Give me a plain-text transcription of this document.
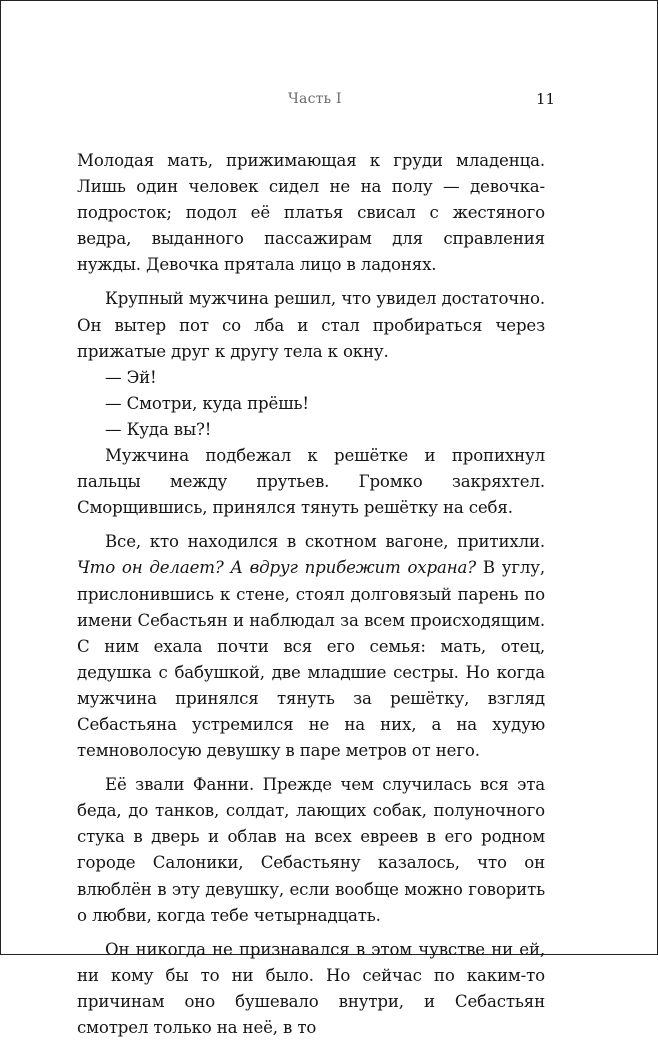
Часть I	11

Молодая мать, прижимающая к груди младенца. Лишь один человек сидел не на полу — девочка-подросток; подол её платья свисал с жестяного ведра, выданного пассажирам для справления нужды. Девочка прятала лицо в ладонях.

Крупный мужчина решил, что увидел достаточно. Он вытер пот со лба и стал пробираться через прижатые друг к другу тела к окну.

— Эй!

— Смотри, куда прёшь!

— Куда вы?!

Мужчина подбежал к решётке и пропихнул пальцы между прутьев. Громко закряхтел. Сморщившись, принялся тянуть решётку на себя.

Все, кто находился в скотном вагоне, притихли. Что он делает? А вдруг прибежит охрана? В углу, прислонившись к стене, стоял долговязый парень по имени Себастьян и наблюдал за всем происходящим. С ним ехала почти вся его семья: мать, отец, дедушка с бабушкой, две младшие сестры. Но когда мужчина принялся тянуть за решётку, взгляд Себастьяна устремился не на них, а на худую темноволосую девушку в паре метров от него.

Её звали Фанни. Прежде чем случилась вся эта беда, до танков, солдат, лающих собак, полуночного стука в дверь и облав на всех евреев в его родном городе Салоники, Себастьяну казалось, что он влюблён в эту девушку, если вообще можно говорить о любви, когда тебе четырнадцать.

Он никогда не признавался в этом чувстве ни ей, ни кому бы то ни было. Но сейчас по каким-то причинам оно бушевало внутри, и Себастьян смотрел только на неё, в то
